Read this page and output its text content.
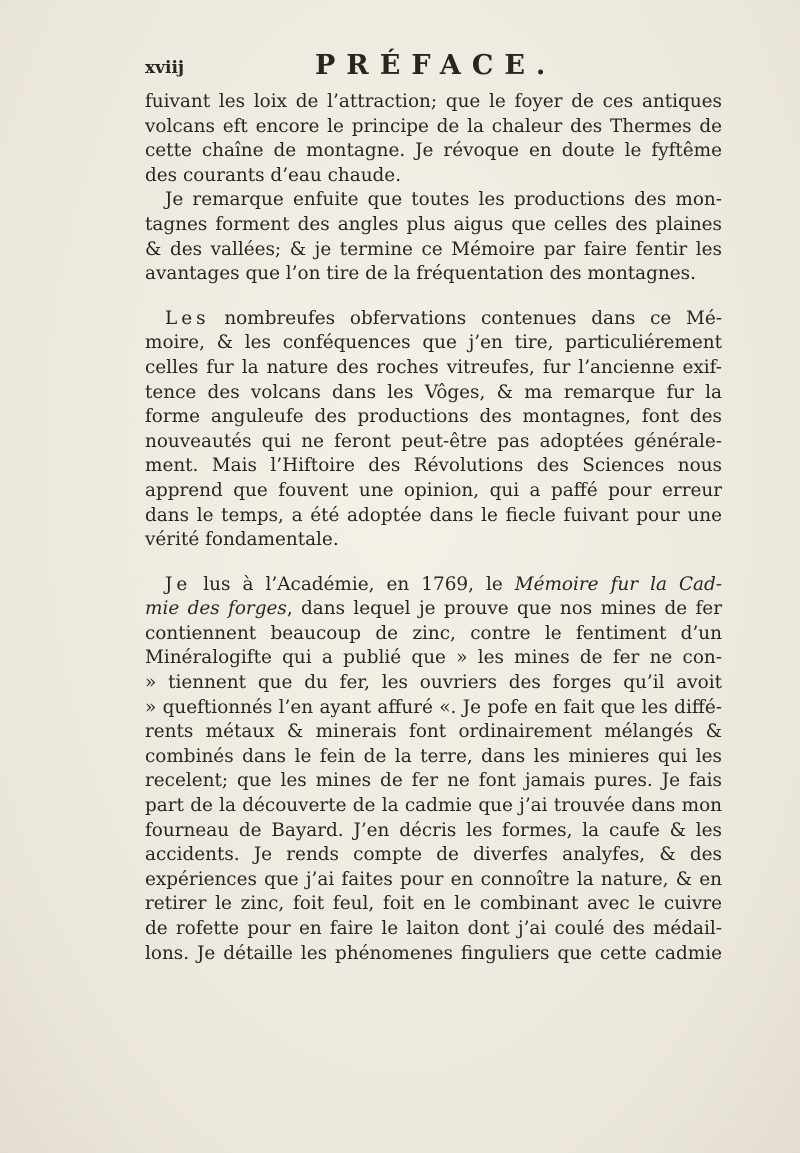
xviij	PRÉFACE.

fuivant les loix de l’attraction; que le foyer de ces antiques
volcans eft encore le principe de la chaleur des Thermes de
cette chaîne de montagne. Je révoque en doute le fyftême
des courants d’eau chaude.

Je remarque enfuite que toutes les productions des mon-
tagnes forment des angles plus aigus que celles des plaines
& des vallées; & je termine ce Mémoire par faire fentir les
avantages que l’on tire de la fréquentation des montagnes.

Les nombreufes obfervations contenues dans ce Mé-
moire, & les conféquences que j’en tire, particuliérement
celles fur la nature des roches vitreufes, fur l’ancienne exif-
tence des volcans dans les Vôges, & ma remarque fur la
forme anguleufe des productions des montagnes, font des
nouveautés qui ne feront peut-être pas adoptées générale-
ment. Mais l’Hiftoire des Révolutions des Sciences nous
apprend que fouvent une opinion, qui a paffé pour erreur
dans le temps, a été adoptée dans le fiecle fuivant pour une
vérité fondamentale.

Je lus à l’Académie, en 1769, le Mémoire fur la Cad-
mie des forges, dans lequel je prouve que nos mines de fer
contiennent beaucoup de zinc, contre le fentiment d’un
Minéralogifte qui a publié que » les mines de fer ne con-
» tiennent que du fer, les ouvriers des forges qu’il avoit
» queftionnés l’en ayant affuré «. Je pofe en fait que les diffé-
rents métaux & minerais font ordinairement mélangés &
combinés dans le fein de la terre, dans les minieres qui les
recelent; que les mines de fer ne font jamais pures. Je fais
part de la découverte de la cadmie que j’ai trouvée dans mon
fourneau de Bayard. J’en décris les formes, la caufe & les
accidents. Je rends compte de diverfes analyfes, & des
expériences que j’ai faites pour en connoître la nature, & en
retirer le zinc, foit feul, foit en le combinant avec le cuivre
de rofette pour en faire le laiton dont j’ai coulé des médail-
lons. Je détaille les phénomenes finguliers que cette cadmie
